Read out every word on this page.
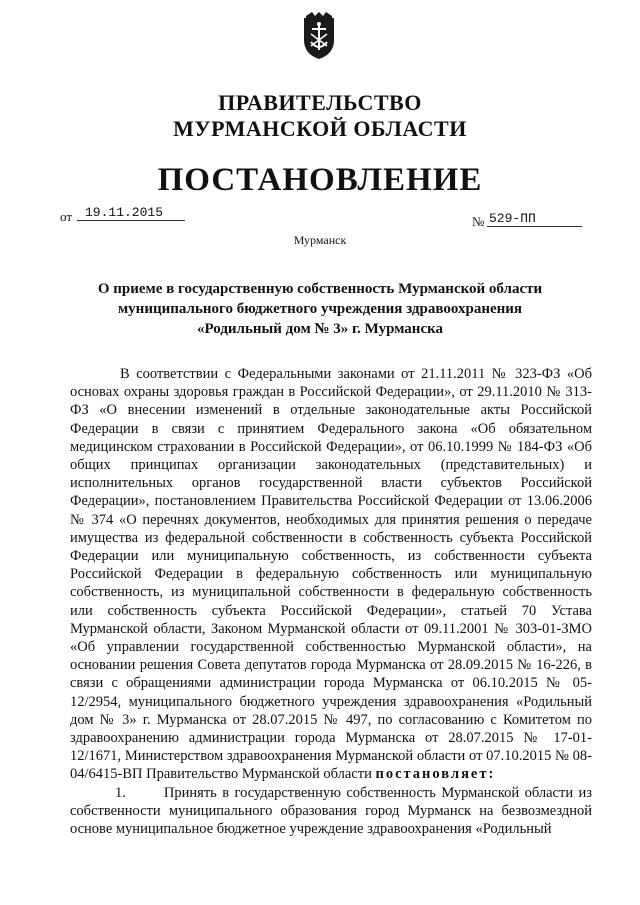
ПРАВИТЕЛЬСТВО
МУРМАНСКОЙ ОБЛАСТИ
ПОСТАНОВЛЕНИЕ
от 19.11.2015
№ 529-ПП
Мурманск
О приеме в государственную собственность Мурманской области
муниципального бюджетного учреждения здравоохранения
«Родильный дом № 3» г. Мурманска

В соответствии с Федеральными законами от 21.11.2011 № 323-ФЗ «Об основах охраны здоровья граждан в Российской Федерации», от 29.11.2010 № 313-ФЗ «О внесении изменений в отдельные законодательные акты Российской Федерации в связи с принятием Федерального закона «Об обязательном медицинском страховании в Российской Федерации», от 06.10.1999 № 184-ФЗ «Об общих принципах организации законодательных (представительных) и исполнительных органов государственной власти субъектов Российской Федерации», постановлением Правительства Российской Федерации от 13.06.2006 № 374 «О перечнях документов, необходимых для принятия решения о передаче имущества из федеральной собственности в собственность субъекта Российской Федерации или муниципальную собственность, из собственности субъекта Российской Федерации в федеральную собственность или муниципальную собственность, из муниципальной собственности в федеральную собственность или собственность субъекта Российской Федерации», статьей 70 Устава Мурманской области, Законом Мурманской области от 09.11.2001 № 303-01-ЗМО «Об управлении государственной собственностью Мурманской области», на основании решения Совета депутатов города Мурманска от 28.09.2015 № 16-226, в связи с обращениями администрации города Мурманска от 06.10.2015 № 05-12/2954, муниципального бюджетного учреждения здравоохранения «Родильный дом № 3» г. Мурманска от 28.07.2015 № 497, по согласованию с Комитетом по здравоохранению администрации города Мурманска от 28.07.2015 № 17-01-12/1671, Министерством здравоохранения Мурманской области от 07.10.2015 № 08-04/6415-ВП Правительство Мурманской области постановляет:

1.	Принять в государственную собственность Мурманской области из собственности муниципального образования город Мурманск на безвозмездной основе муниципальное бюджетное учреждение здравоохранения «Родильный
